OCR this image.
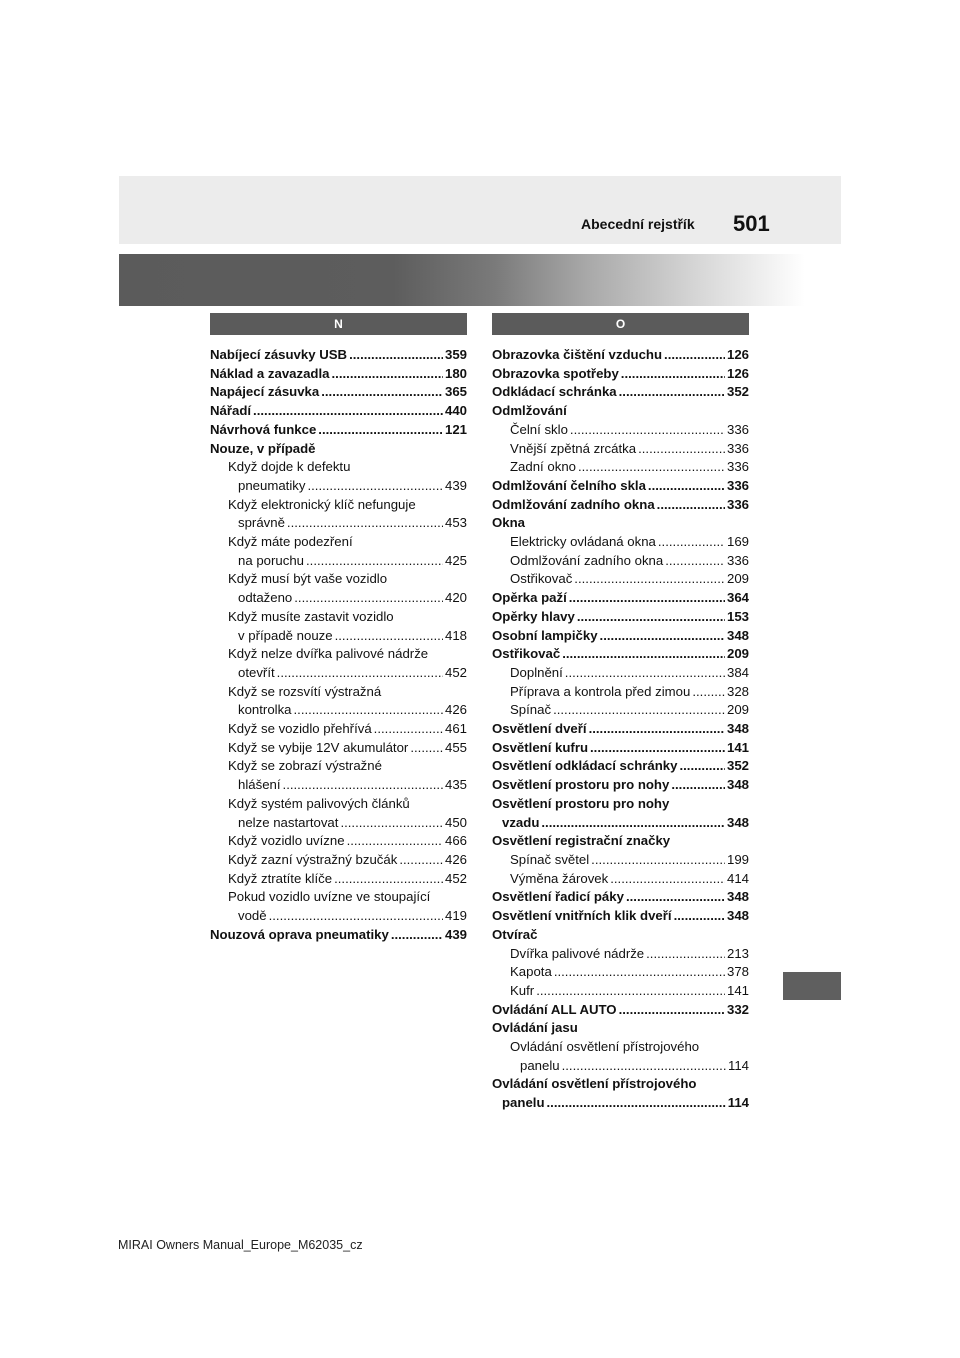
Abecední rejstřík 501
N
Nabíjecí zásuvky USB .....	359
Náklad a zavazadla .....	180
Napájecí zásuvka .....	365
Nářadí .....	440
Návrhová funkce .....	121
Nouze, v případě
Když dojde k defektu
pneumatiky .....	439
Když elektronický klíč nefunguje
správně .....	453
Když máte podezření
na poruchu .....	425
Když musí být vaše vozidlo
odtaženo .....	420
Když musíte zastavit vozidlo
v případě nouze .....	418
Když nelze dvířka palivové nádrže
otevřít .....	452
Když se rozsvítí výstražná
kontrolka .....	426
Když se vozidlo přehřívá .....	461
Když se vybije 12V akumulátor .....	455
Když se zobrazí výstražné
hlášení .....	435
Když systém palivových článků
nelze nastartovat .....	450
Když vozidlo uvízne .....	466
Když zazní výstražný bzučák .....	426
Když ztratíte klíče .....	452
Pokud vozidlo uvízne ve stoupající
vodě .....	419
Nouzová oprava pneumatiky .....	439
O
Obrazovka čištění vzduchu .....	126
Obrazovka spotřeby .....	126
Odkládací schránka .....	352
Odmlžování
Čelní sklo .....	336
Vnější zpětná zrcátka .....	336
Zadní okno .....	336
Odmlžování čelního skla .....	336
Odmlžování zadního okna .....	336
Okna
Elektricky ovládaná okna .....	169
Odmlžování zadního okna .....	336
Ostřikovač .....	209
Opěrka paží .....	364
Opěrky hlavy .....	153
Osobní lampičky .....	348
Ostřikovač .....	209
Doplnění .....	384
Příprava a kontrola před zimou .....	328
Spínač .....	209
Osvětlení dveří .....	348
Osvětlení kufru .....	141
Osvětlení odkládací schránky .....	352
Osvětlení prostoru pro nohy .....	348
Osvětlení prostoru pro nohy
vzadu .....	348
Osvětlení registrační značky
Spínač světel .....	199
Výměna žárovek .....	414
Osvětlení řadicí páky .....	348
Osvětlení vnitřních klik dveří .....	348
Otvírač
Dvířka palivové nádrže .....	213
Kapota .....	378
Kufr .....	141
Ovládání ALL AUTO .....	332
Ovládání jasu
Ovládání osvětlení přístrojového
panelu .....	114
Ovládání osvětlení přístrojového
panelu .....	114
MIRAI Owners Manual_Europe_M62035_cz
